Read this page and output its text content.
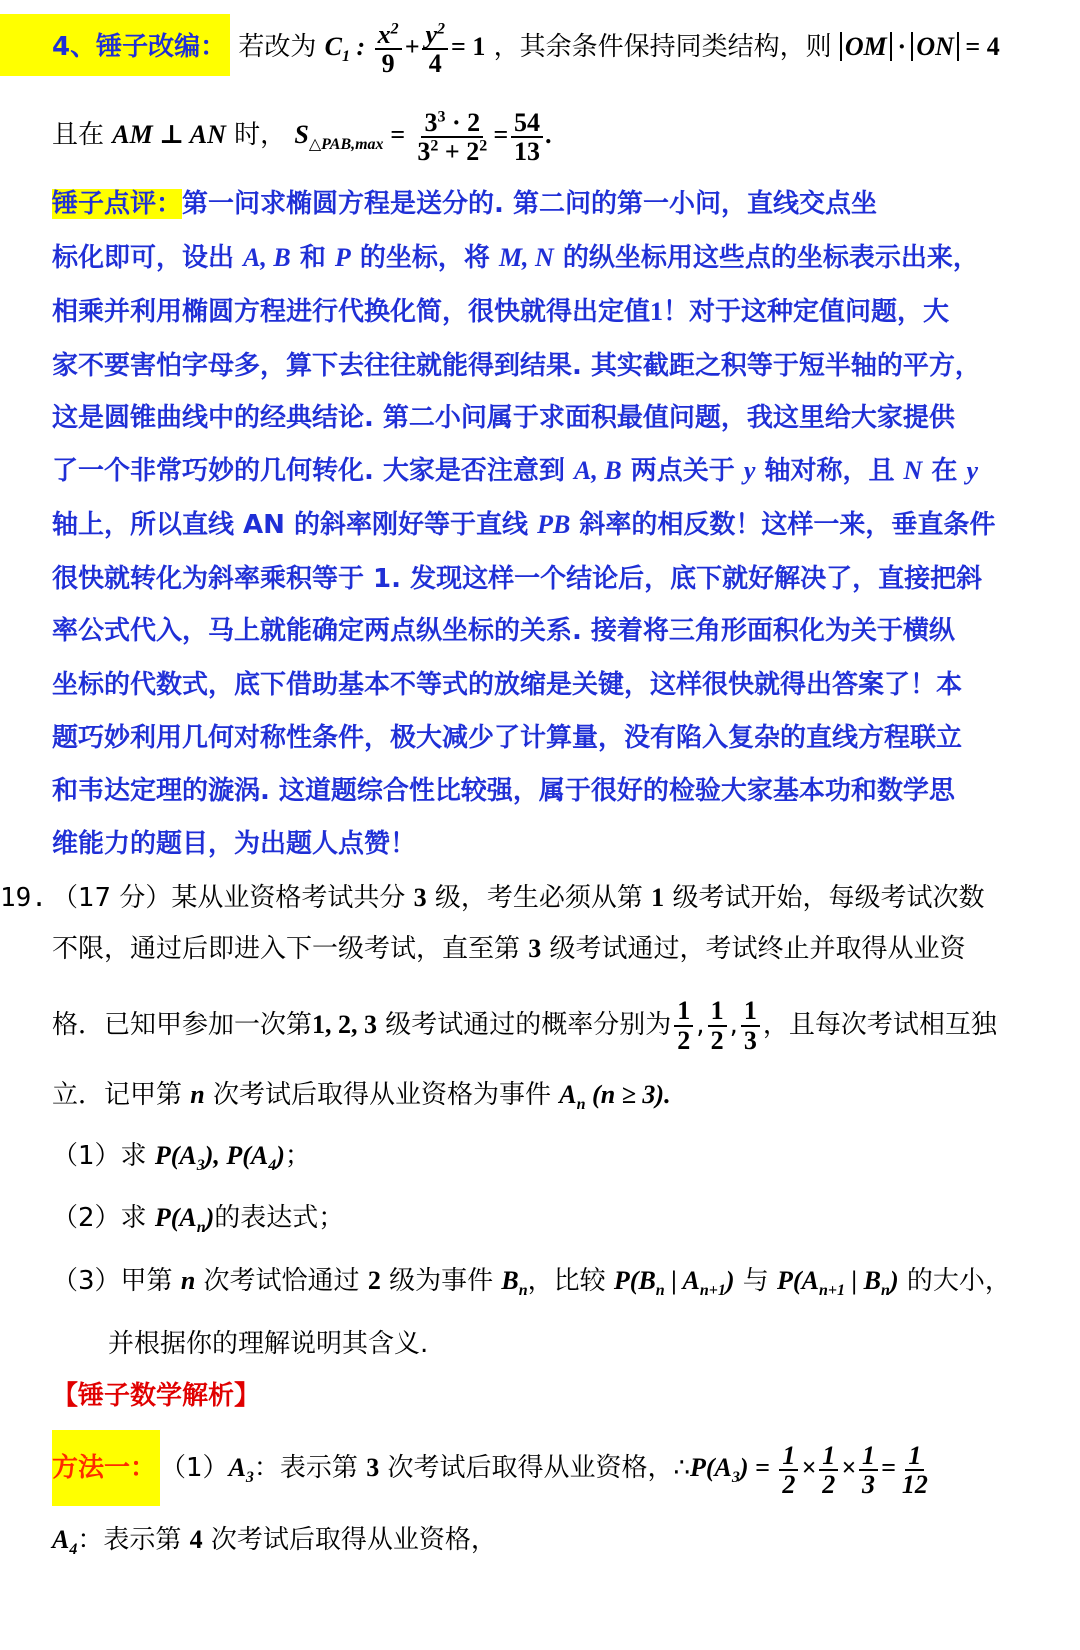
4、锤子改编： 若改为 $C_1$ : $\frac{x^2}{9} + \frac{y^2}{4} = 1$ ，其余条件保持同类结构，则 OM · ON = 4
且在 AM ⊥ AN 时， $S_{\triangle PAB,max} = \frac{3^3 \cdot 2}{3^2 + 2^2} = \frac{54}{13}$ .
锤子点评：第一问求椭圆方程是送分的. 第二问的第一小问，直线交点坐
标化即可，设出 A, B 和 P 的坐标，将 M, N 的纵坐标用这些点的坐标表示出来，
相乘并利用椭圆方程进行代换化简，很快就得出定值1！对于这种定值问题，大
家不要害怕字母多，算下去往往就能得到结果. 其实截距之积等于短半轴的平方，
这是圆锥曲线中的经典结论. 第二小问属于求面积最值问题，我这里给大家提供
了一个非常巧妙的几何转化. 大家是否注意到 A, B 两点关于 y 轴对称，且 N 在 y
轴上，所以直线 AN 的斜率刚好等于直线 PB 斜率的相反数！这样一来，垂直条件
很快就转化为斜率乘积等于 1. 发现这样一个结论后，底下就好解决了，直接把斜
率公式代入，马上就能确定两点纵坐标的关系. 接着将三角形面积化为关于横纵
坐标的代数式，底下借助基本不等式的放缩是关键，这样很快就得出答案了！本
题巧妙利用几何对称性条件，极大减少了计算量，没有陷入复杂的直线方程联立
和韦达定理的漩涡. 这道题综合性比较强，属于很好的检验大家基本功和数学思
维能力的题目，为出题人点赞！
19. （17 分）某从业资格考试共分 3 级，考生必须从第 1 级考试开始，每级考试次数
不限，通过后即进入下一级考试，直至第 3 级考试通过，考试终止并取得从业资
格．已知甲参加一次第1, 2, 3 级考试通过的概率分别为 $\frac{1}{2}$ , $\frac{1}{2}$ , $\frac{1}{3}$ ，且每次考试相互独
立．记甲第 n 次考试后取得从业资格为事件 $A_n$ (n ≥ 3).
（1）求 $P(A_3)$, $P(A_4)$；
（2）求 $P(A_n)$的表达式；
（3）甲第 n 次考试恰通过 2 级为事件 $B_n$，比较 $P(B_n$ | $A_{n+1}$) 与 $P(A_{n+1}$ | $B_n$) 的大小，
并根据你的理解说明其含义.
【锤子数学解析】
方法一： $(1)A_3$：表示第 3 次考试后取得从业资格，$\therefore P(A_3) = \frac{1}{2} \times \frac{1}{2} \times \frac{1}{3} = \frac{1}{12}$
$A_4$：表示第 4 次考试后取得从业资格，
